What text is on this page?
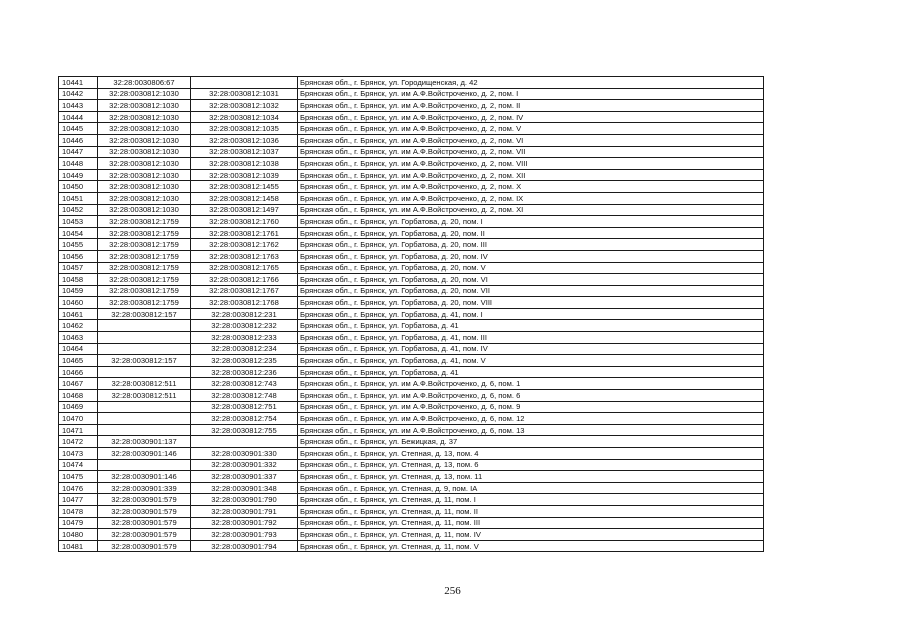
10441	32:28:0030806:67		Брянская обл., г. Брянск, ул. Городищенская, д. 42
10442	32:28:0030812:1030	32:28:0030812:1031	Брянская обл., г. Брянск, ул. им А.Ф.Войстроченко, д. 2, пом. I
10443	32:28:0030812:1030	32:28:0030812:1032	Брянская обл., г. Брянск, ул. им А.Ф.Войстроченко, д. 2, пом. II
10444	32:28:0030812:1030	32:28:0030812:1034	Брянская обл., г. Брянск, ул. им А.Ф.Войстроченко, д. 2, пом. IV
10445	32:28:0030812:1030	32:28:0030812:1035	Брянская обл., г. Брянск, ул. им А.Ф.Войстроченко, д. 2, пом. V
10446	32:28:0030812:1030	32:28:0030812:1036	Брянская обл., г. Брянск, ул. им А.Ф.Войстроченко, д. 2, пом. VI
10447	32:28:0030812:1030	32:28:0030812:1037	Брянская обл., г. Брянск, ул. им А.Ф.Войстроченко, д. 2, пом. VII
10448	32:28:0030812:1030	32:28:0030812:1038	Брянская обл., г. Брянск, ул. им А.Ф.Войстроченко, д. 2, пом. VIII
10449	32:28:0030812:1030	32:28:0030812:1039	Брянская обл., г. Брянск, ул. им А.Ф.Войстроченко, д. 2, пом. XII
10450	32:28:0030812:1030	32:28:0030812:1455	Брянская обл., г. Брянск, ул. им А.Ф.Войстроченко, д. 2, пом. X
10451	32:28:0030812:1030	32:28:0030812:1458	Брянская обл., г. Брянск, ул. им А.Ф.Войстроченко, д. 2, пом. IX
10452	32:28:0030812:1030	32:28:0030812:1497	Брянская обл., г. Брянск, ул. им А.Ф.Войстроченко, д. 2, пом. XI
10453	32:28:0030812:1759	32:28:0030812:1760	Брянская обл., г. Брянск, ул. Горбатова, д. 20, пом. I
10454	32:28:0030812:1759	32:28:0030812:1761	Брянская обл., г. Брянск, ул. Горбатова, д. 20, пом. II
10455	32:28:0030812:1759	32:28:0030812:1762	Брянская обл., г. Брянск, ул. Горбатова, д. 20, пом. III
10456	32:28:0030812:1759	32:28:0030812:1763	Брянская обл., г. Брянск, ул. Горбатова, д. 20, пом. IV
10457	32:28:0030812:1759	32:28:0030812:1765	Брянская обл., г. Брянск, ул. Горбатова, д. 20, пом. V
10458	32:28:0030812:1759	32:28:0030812:1766	Брянская обл., г. Брянск, ул. Горбатова, д. 20, пом. VI
10459	32:28:0030812:1759	32:28:0030812:1767	Брянская обл., г. Брянск, ул. Горбатова, д. 20, пом. VII
10460	32:28:0030812:1759	32:28:0030812:1768	Брянская обл., г. Брянск, ул. Горбатова, д. 20, пом. VIII
10461	32:28:0030812:157	32:28:0030812:231	Брянская обл., г. Брянск, ул. Горбатова, д. 41, пом. I
10462		32:28:0030812:232	Брянская обл., г. Брянск, ул. Горбатова, д. 41
10463		32:28:0030812:233	Брянская обл., г. Брянск, ул. Горбатова, д. 41, пом. III
10464		32:28:0030812:234	Брянская обл., г. Брянск, ул. Горбатова, д. 41, пом. IV
10465	32:28:0030812:157	32:28:0030812:235	Брянская обл., г. Брянск, ул. Горбатова, д. 41, пом. V
10466		32:28:0030812:236	Брянская обл., г. Брянск, ул. Горбатова, д. 41
10467	32:28:0030812:511	32:28:0030812:743	Брянская обл., г. Брянск, ул. им А.Ф.Войстроченко, д. 6, пом. 1
10468	32:28:0030812:511	32:28:0030812:748	Брянская обл., г. Брянск, ул. им А.Ф.Войстроченко, д. 6, пом. 6
10469		32:28:0030812:751	Брянская обл., г. Брянск, ул. им А.Ф.Войстроченко, д. 6, пом. 9
10470		32:28:0030812:754	Брянская обл., г. Брянск, ул. им А.Ф.Войстроченко, д. 6, пом. 12
10471		32:28:0030812:755	Брянская обл., г. Брянск, ул. им А.Ф.Войстроченко, д. 6, пом. 13
10472	32:28:0030901:137		Брянская обл., г. Брянск, ул. Бежицкая, д. 37
10473	32:28:0030901:146	32:28:0030901:330	Брянская обл., г. Брянск, ул. Степная, д. 13, пом. 4
10474		32:28:0030901:332	Брянская обл., г. Брянск, ул. Степная, д. 13, пом. 6
10475	32:28:0030901:146	32:28:0030901:337	Брянская обл., г. Брянск, ул. Степная, д. 13, пом. 11
10476	32:28:0030901:339	32:28:0030901:348	Брянская обл., г. Брянск, ул. Степная, д. 9, пом. IA
10477	32:28:0030901:579	32:28:0030901:790	Брянская обл., г. Брянск, ул. Степная, д. 11, пом. I
10478	32:28:0030901:579	32:28:0030901:791	Брянская обл., г. Брянск, ул. Степная, д. 11, пом. II
10479	32:28:0030901:579	32:28:0030901:792	Брянская обл., г. Брянск, ул. Степная, д. 11, пом. III
10480	32:28:0030901:579	32:28:0030901:793	Брянская обл., г. Брянск, ул. Степная, д. 11, пом. IV
10481	32:28:0030901:579	32:28:0030901:794	Брянская обл., г. Брянск, ул. Степная, д. 11, пом. V
256
